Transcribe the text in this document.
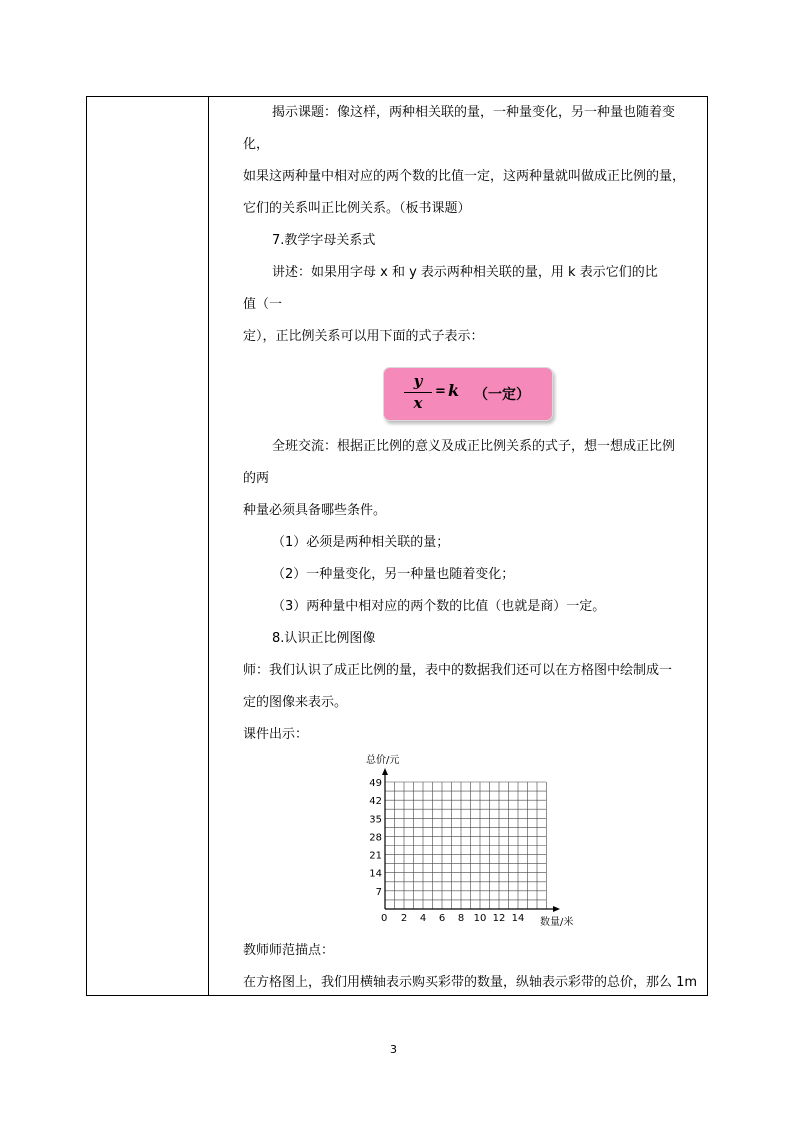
揭示课题：像这样，两种相关联的量，一种量变化，另一种量也随着变
化，
如果这两种量中相对应的两个数的比值一定，这两种量就叫做成正比例的量，
它们的关系叫正比例关系。（板书课题）
7.教学字母关系式
讲述：如果用字母 x 和 y 表示两种相关联的量，用 k 表示它们的比
值（一
定），正比例关系可以用下面的式子表示：
y
x
= k （一定）
全班交流：根据正比例的意义及成正比例关系的式子，想一想成正比例
的两
种量必须具备哪些条件。
（1）必须是两种相关联的量；
（2）一种量变化，另一种量也随着变化；
（3）两种量中相对应的两个数的比值（也就是商）一定。
8.认识正比例图像
师：我们认识了成正比例的量，表中的数据我们还可以在方格图中绘制成一
定的图像来表示。
课件出示：
总价/元
数量/米
0
7
14
21
28
35
42
49
2 4 6 8 10 12 14
教师师范描点：
在方格图上，我们用横轴表示购买彩带的数量，纵轴表示彩带的总价，那么 1m
3
